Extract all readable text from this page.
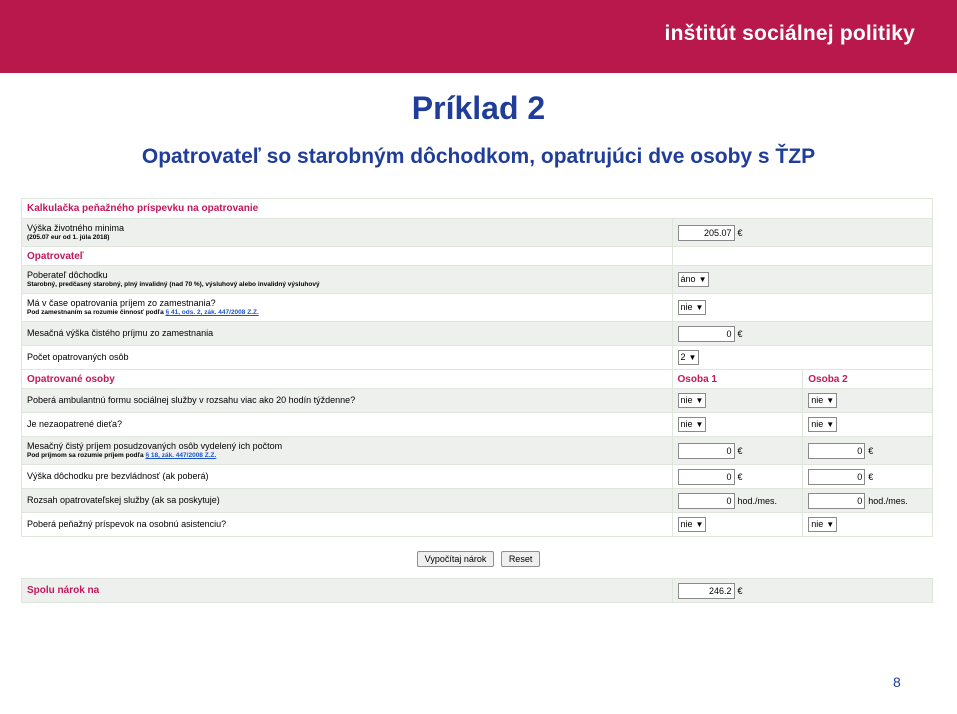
inštitút sociálnej politiky
Príklad 2
Opatrovateľ so starobným dôchodkom, opatrujúci dve osoby s ŤZP
Kalkulačka peňažného príspevku na opatrovanie		

Výška životného minima
(205.07 eur od 1. júla 2018)	205.07 €	
Opatrovateľ		

Poberateľ dôchodku
Starobný, predčasný starobný, plný invalidný (nad 70 %), výsluhový alebo invalidný výsluhový	áno ▼	

Má v čase opatrovania príjem zo zamestnania?
Pod zamestnaním sa rozumie činnosť podľa § 41, ods. 2, zák. 447/2008 Z.Z.	nie ▼	
Mesačná výška čistého príjmu zo zamestnania	0 €	
Počet opatrovaných osôb	2 ▼	
Opatrované osoby	Osoba 1	Osoba 2
Poberá ambulantnú formu sociálnej služby v rozsahu viac ako 20 hodín týždenne?	nie ▼	nie ▼
Je nezaopatrené dieťa?	nie ▼	nie ▼

Mesačný čistý príjem posudzovaných osôb vydelený ich počtom
Pod príjmom sa rozumie príjem podľa § 18, zák. 447/2008 Z.Z.	0 €	0 €
Výška dôchodku pre bezvládnosť (ak poberá)	0 €	0 €
Rozsah opatrovateľskej služby (ak sa poskytuje)	0 hod./mes.	0 hod./mes.
Poberá peňažný príspevok na osobnú asistenciu?	nie ▼	nie ▼
Vypočítaj nárok Reset
Spolu nárok na	246.2 €
8
